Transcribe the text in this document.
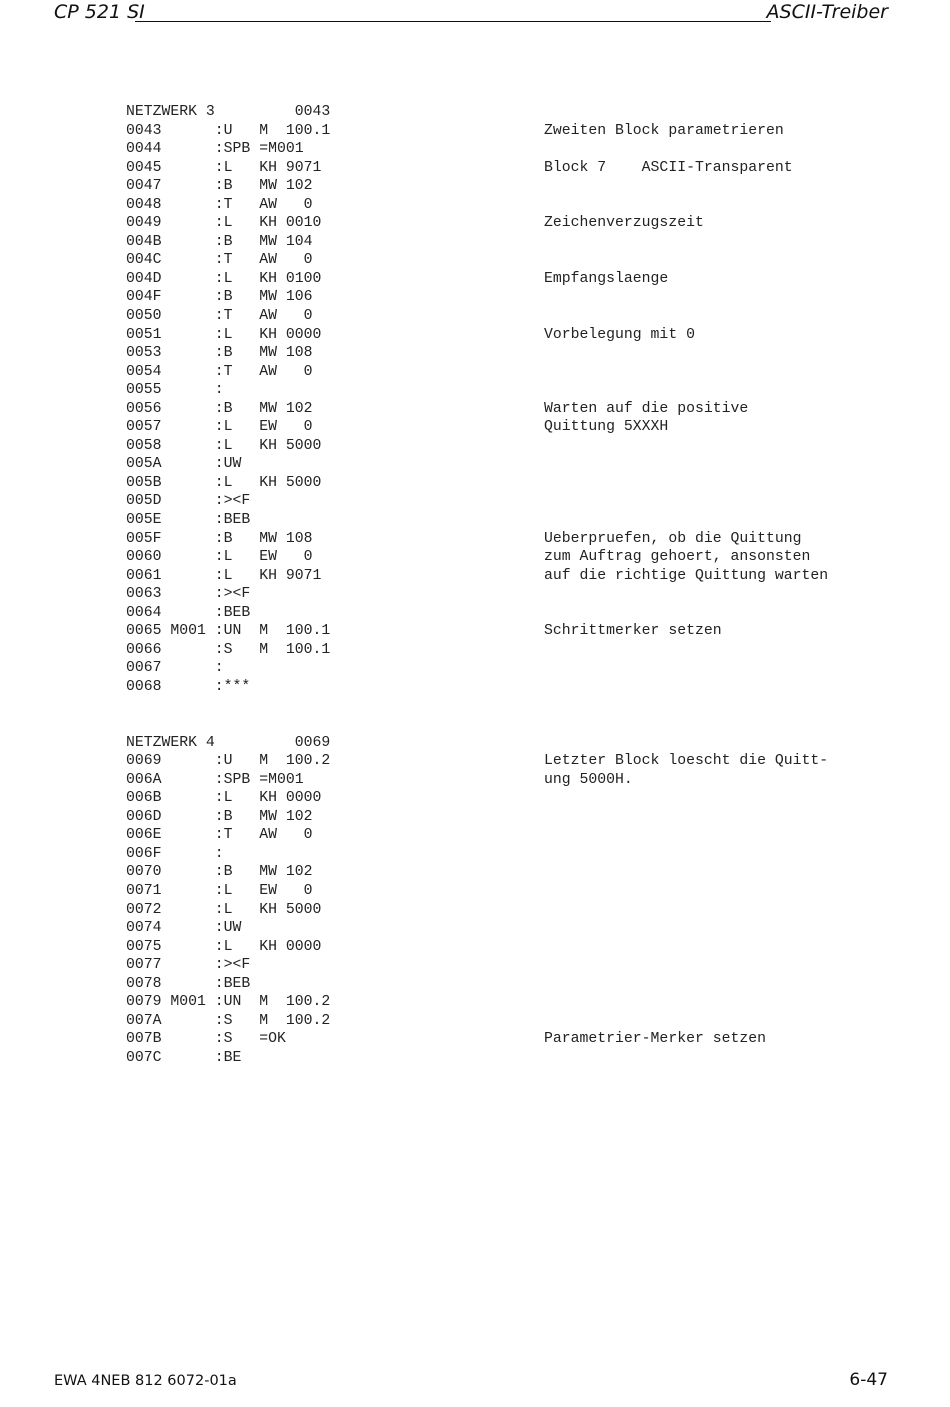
CP 521 SI	ASCII-Treiber
NETZWERK 3         0043
0043      :U   M  100.1	Zweiten Block parametrieren
0044      :SPB =M001
0045      :L   KH 9071	Block 7    ASCII-Transparent
0047      :B   MW 102
0048      :T   AW   0
0049      :L   KH 0010	Zeichenverzugszeit
004B      :B   MW 104
004C      :T   AW   0
004D      :L   KH 0100	Empfangslaenge
004F      :B   MW 106
0050      :T   AW   0
0051      :L   KH 0000	Vorbelegung mit 0
0053      :B   MW 108
0054      :T   AW   0
0055      :
0056      :B   MW 102	Warten auf die positive
0057      :L   EW   0	Quittung 5XXXH
0058      :L   KH 5000
005A      :UW
005B      :L   KH 5000
005D      :><F
005E      :BEB
005F      :B   MW 108	Ueberpruefen, ob die Quittung
0060      :L   EW   0	zum Auftrag gehoert, ansonsten
0061      :L   KH 9071	auf die richtige Quittung warten
0063      :><F
0064      :BEB
0065 M001 :UN  M  100.1	Schrittmerker setzen
0066      :S   M  100.1
0067      :
0068      :***
NETZWERK 4         0069
0069      :U   M  100.2	Letzter Block loescht die Quitt-
006A      :SPB =M001	ung 5000H.
006B      :L   KH 0000
006D      :B   MW 102
006E      :T   AW   0
006F      :
0070      :B   MW 102
0071      :L   EW   0
0072      :L   KH 5000
0074      :UW
0075      :L   KH 0000
0077      :><F
0078      :BEB
0079 M001 :UN  M  100.2
007A      :S   M  100.2
007B      :S   =OK	Parametrier-Merker setzen
007C      :BE
EWA 4NEB 812 6072-01a	6-47
